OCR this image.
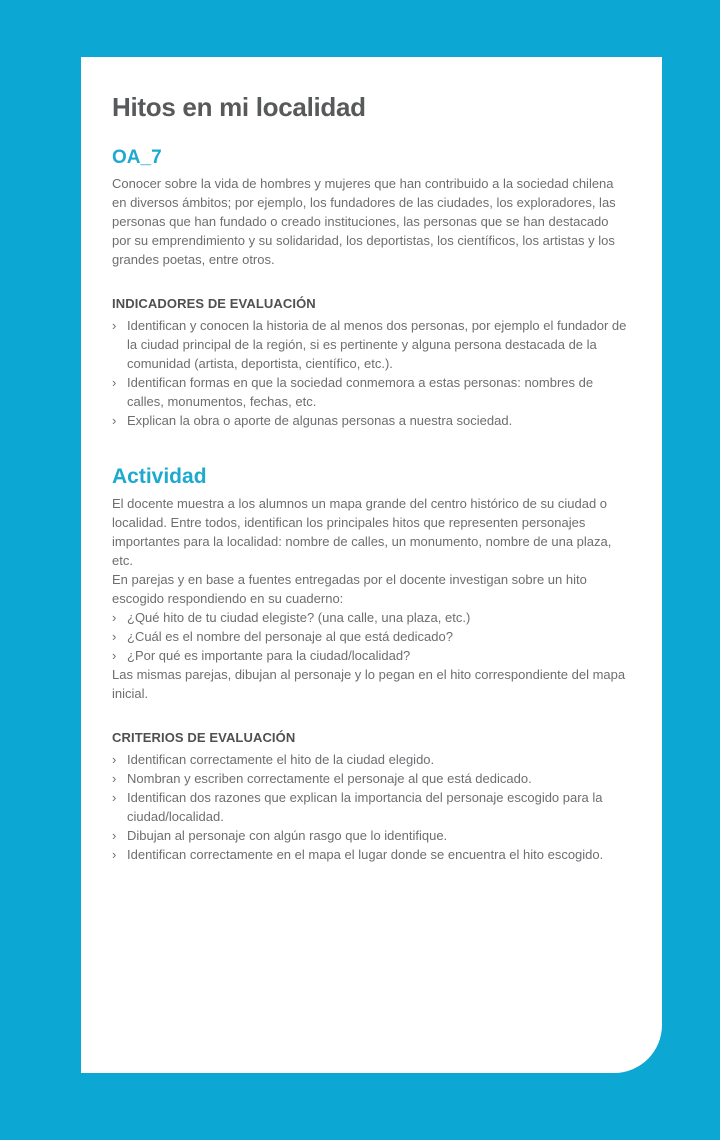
Hitos en mi localidad
OA_7

Conocer sobre la vida de hombres y mujeres que han contribuido a la sociedad chilena en diversos ámbitos; por ejemplo, los fundadores de las ciudades, los exploradores, las personas que han fundado o creado instituciones, las personas que se han destacado por su emprendimiento y su solidaridad, los deportistas, los científicos, los artistas y los grandes poetas, entre otros.

INDICADORES DE EVALUACIÓN
› Identifican y conocen la historia de al menos dos personas, por ejemplo el fundador de la ciudad principal de la región, si es pertinente y alguna persona destacada de la comunidad (artista, deportista, científico, etc.).
› Identifican formas en que la sociedad conmemora a estas personas: nombres de calles, monumentos, fechas, etc.
› Explican la obra o aporte de algunas personas a nuestra sociedad.
Actividad

El docente muestra a los alumnos un mapa grande del centro histórico de su ciudad o localidad. Entre todos, identifican los principales hitos que representen personajes importantes para la localidad: nombre de calles, un monumento, nombre de una plaza, etc.

En parejas y en base a fuentes entregadas por el docente investigan sobre un hito escogido respondiendo en su cuaderno:

› ¿Qué hito de tu ciudad elegiste? (una calle, una plaza, etc.)
› ¿Cuál es el nombre del personaje al que está dedicado?
› ¿Por qué es importante para la ciudad/localidad?

Las mismas parejas, dibujan al personaje y lo pegan en el hito correspondiente del mapa inicial.

CRITERIOS DE EVALUACIÓN
› Identifican correctamente el hito de la ciudad elegido.
› Nombran y escriben correctamente el personaje al que está dedicado.
› Identifican dos razones que explican la importancia del personaje escogido para la ciudad/localidad.
› Dibujan al personaje con algún rasgo que lo identifique.
› Identifican correctamente en el mapa el lugar donde se encuentra el hito escogido.
